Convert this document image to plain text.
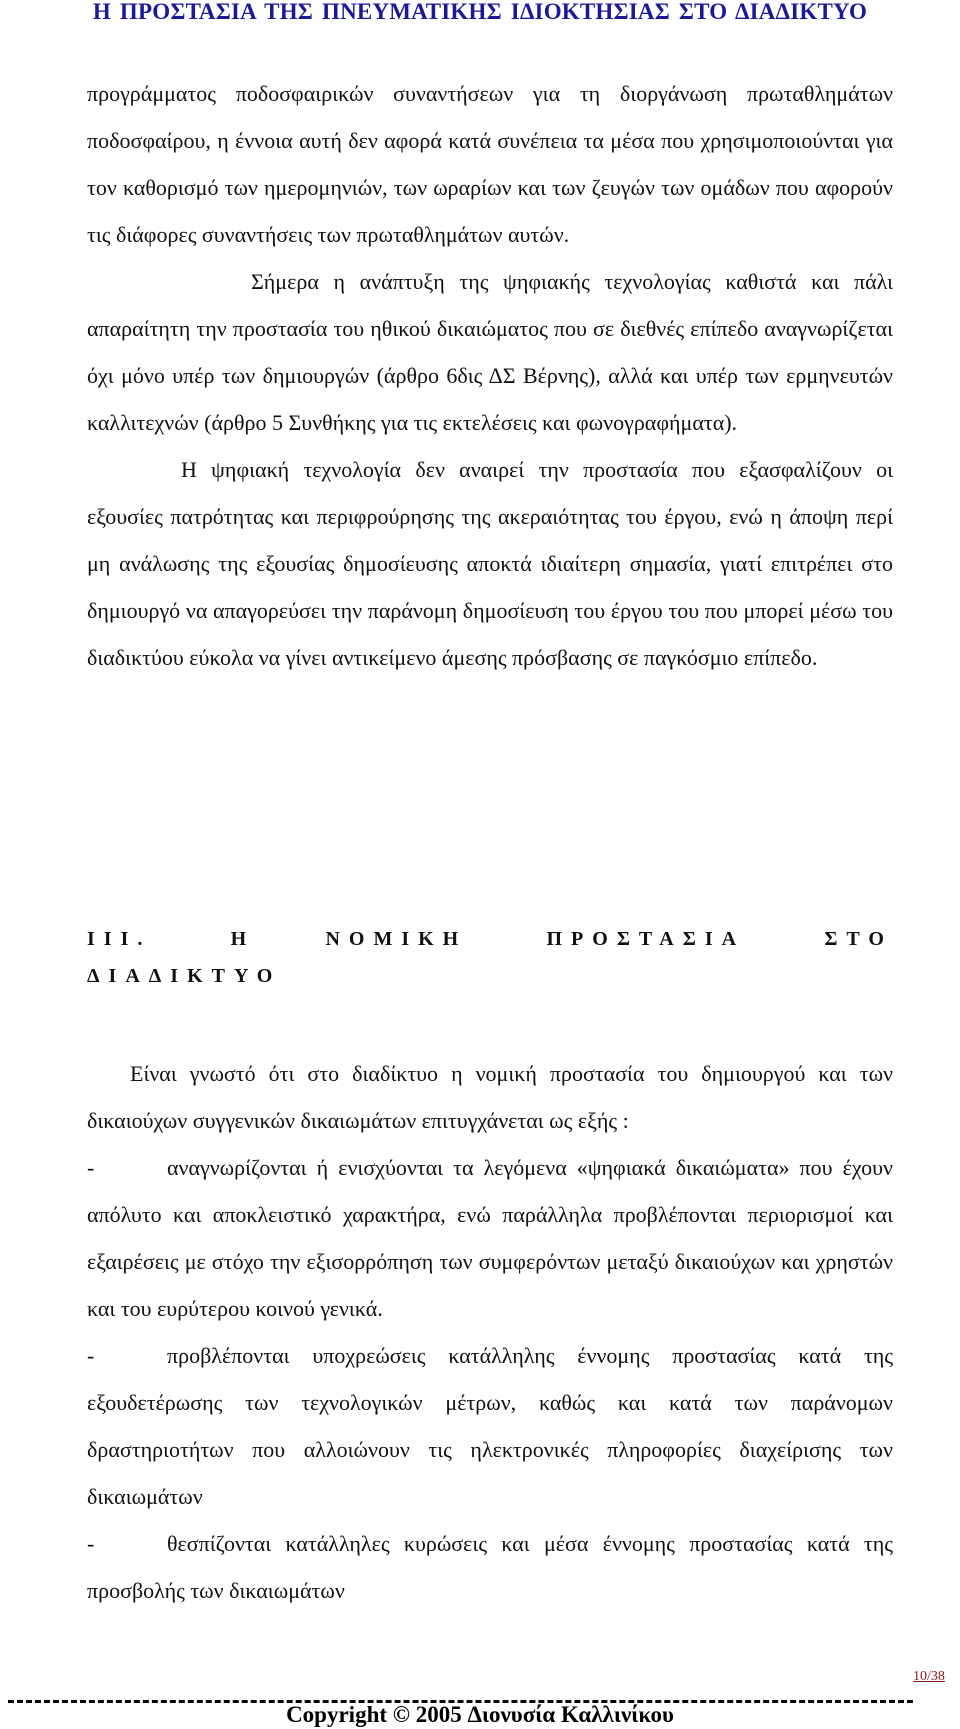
Η ΠΡΟΣΤΑΣΙΑ ΤΗΣ ΠΝΕΥΜΑΤΙΚΗΣ ΙΔΙΟΚΤΗΣΙΑΣ ΣΤΟ ΔΙΑΔΙΚΤΥΟ

προγράμματος ποδοσφαιρικών συναντήσεων για τη διοργάνωση πρωταθλημάτων ποδοσφαίρου, η έννοια αυτή δεν αφορά κατά συνέπεια τα μέσα που χρησιμοποιούνται για τον καθορισμό των ημερομηνιών, των ωραρίων και των ζευγών των ομάδων που αφορούν τις διάφορες συναντήσεις των πρωταθλημάτων αυτών.

Σήμερα η ανάπτυξη της ψηφιακής τεχνολογίας καθιστά και πάλι απαραίτητη την προστασία του ηθικού δικαιώματος που σε διεθνές επίπεδο αναγνωρίζεται όχι μόνο υπέρ των δημιουργών (άρθρο 6δις ΔΣ Βέρνης), αλλά και υπέρ των ερμηνευτών καλλιτεχνών (άρθρο 5 Συνθήκης για τις εκτελέσεις και φωνογραφήματα).

Η ψηφιακή τεχνολογία δεν αναιρεί την προστασία που εξασφαλίζουν οι εξουσίες πατρότητας και περιφρούρησης της ακεραιότητας του έργου, ενώ η άποψη περί μη ανάλωσης της εξουσίας δημοσίευσης αποκτά ιδιαίτερη σημασία, γιατί επιτρέπει στο δημιουργό να απαγορεύσει την παράνομη δημοσίευση του έργου του που μπορεί μέσω του διαδικτύου εύκολα να γίνει αντικείμενο άμεσης πρόσβασης σε παγκόσμιο επίπεδο.

III.	Η	ΝΟΜΙΚΗ	ΠΡΟΣΤΑΣΙΑ	ΣΤΟ
ΔΙΑΔΙΚΤΥΟ

Είναι γνωστό ότι στο διαδίκτυο η νομική προστασία του δημιουργού και των δικαιούχων συγγενικών δικαιωμάτων επιτυγχάνεται ως εξής :

-	αναγνωρίζονται ή ενισχύονται τα λεγόμενα «ψηφιακά δικαιώματα» που έχουν απόλυτο και αποκλειστικό χαρακτήρα, ενώ παράλληλα προβλέπονται περιορισμοί και εξαιρέσεις με στόχο την εξισορρόπηση των συμφερόντων μεταξύ δικαιούχων και χρηστών και του ευρύτερου κοινού γενικά.

-	προβλέπονται υποχρεώσεις κατάλληλης έννομης προστασίας κατά της εξουδετέρωσης των τεχνολογικών μέτρων, καθώς και κατά των παράνομων δραστηριοτήτων που αλλοιώνουν τις ηλεκτρονικές πληροφορίες διαχείρισης των δικαιωμάτων

-	θεσπίζονται κατάλληλες κυρώσεις και μέσα έννομης προστασίας κατά της προσβολής των δικαιωμάτων

10/38
Copyright © 2005 Διονυσία Καλλινίκου
